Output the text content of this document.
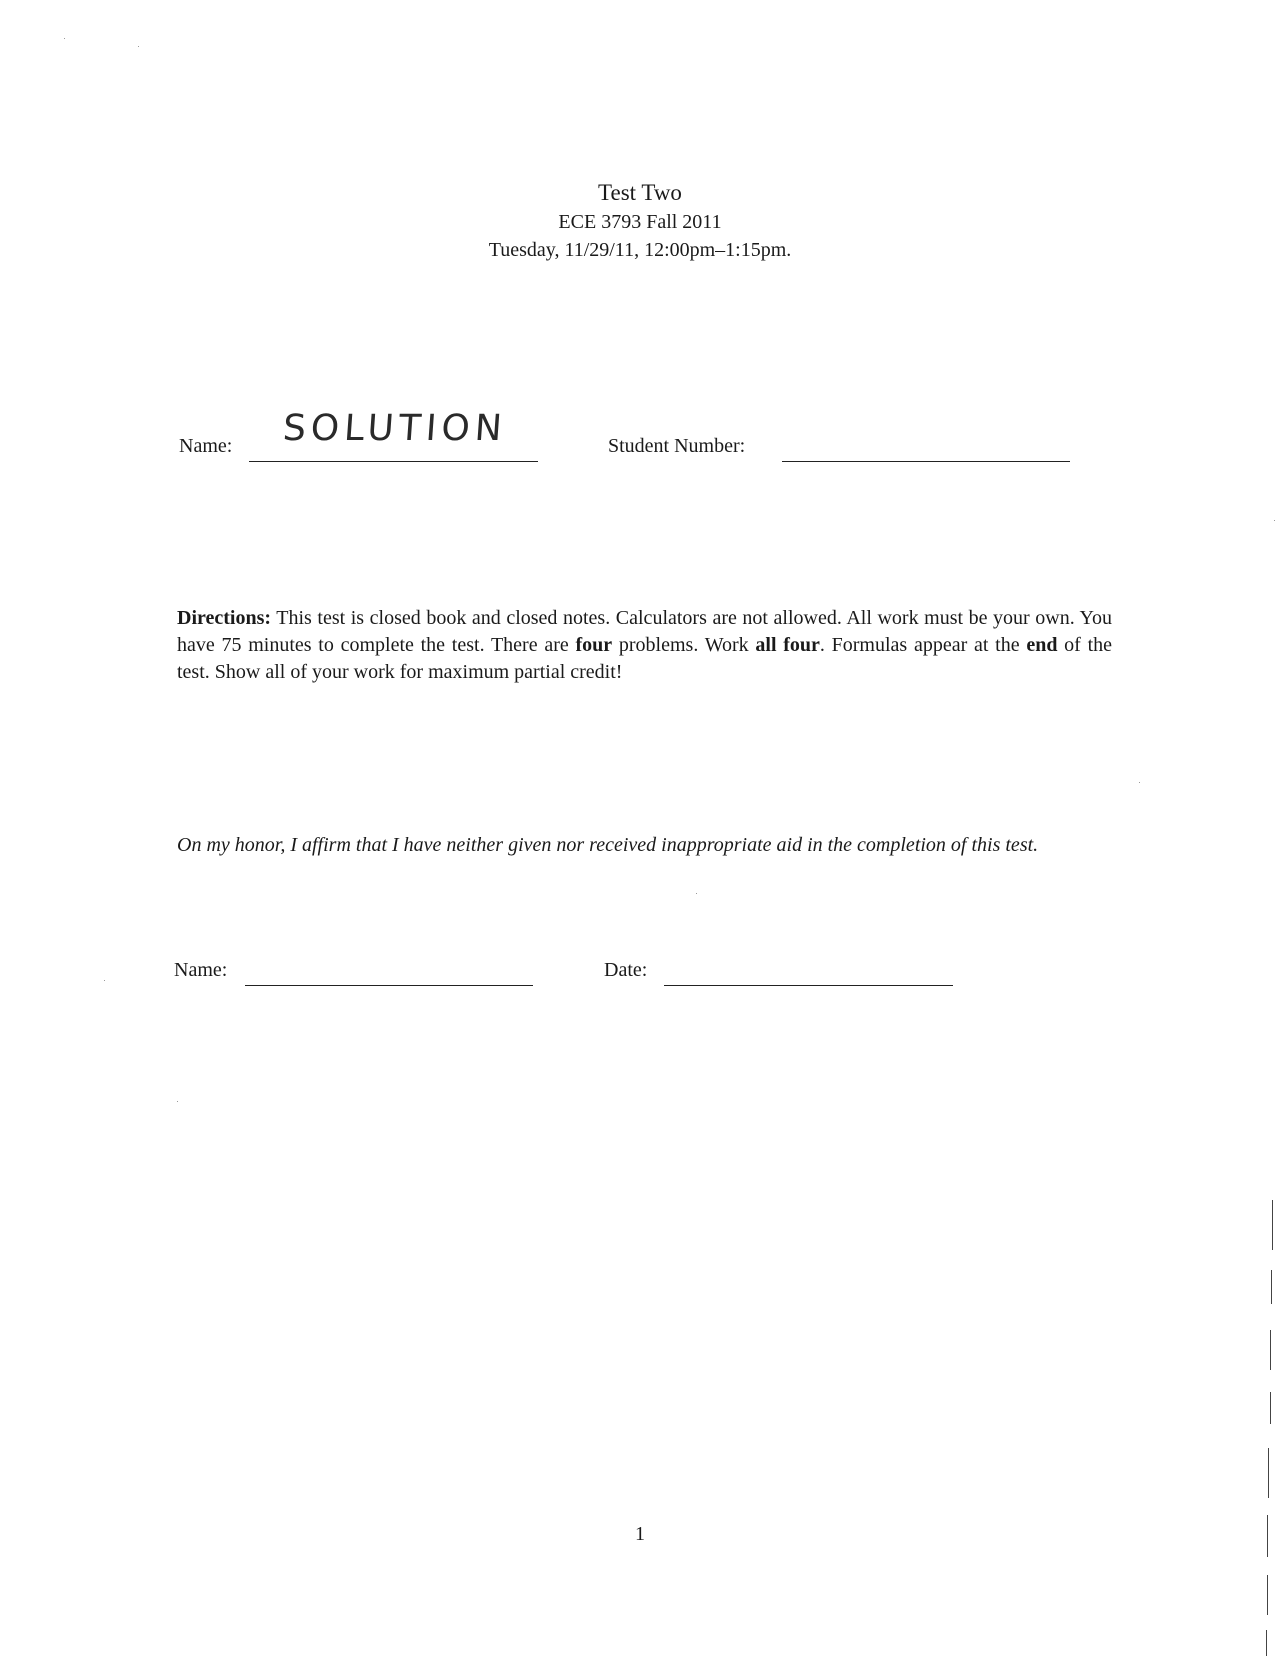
Test Two
ECE 3793 Fall 2011
Tuesday, 11/29/11, 12:00pm–1:15pm.
Name: SOLUTION	Student Number:
Directions: This test is closed book and closed notes. Calculators are not allowed. All work must be your own. You have 75 minutes to complete the test. There are four problems. Work all four. Formulas appear at the end of the test. Show all of your work for maximum partial credit!
On my honor, I affirm that I have neither given nor received inappropriate aid in the completion of this test.
Name:	Date:
1
